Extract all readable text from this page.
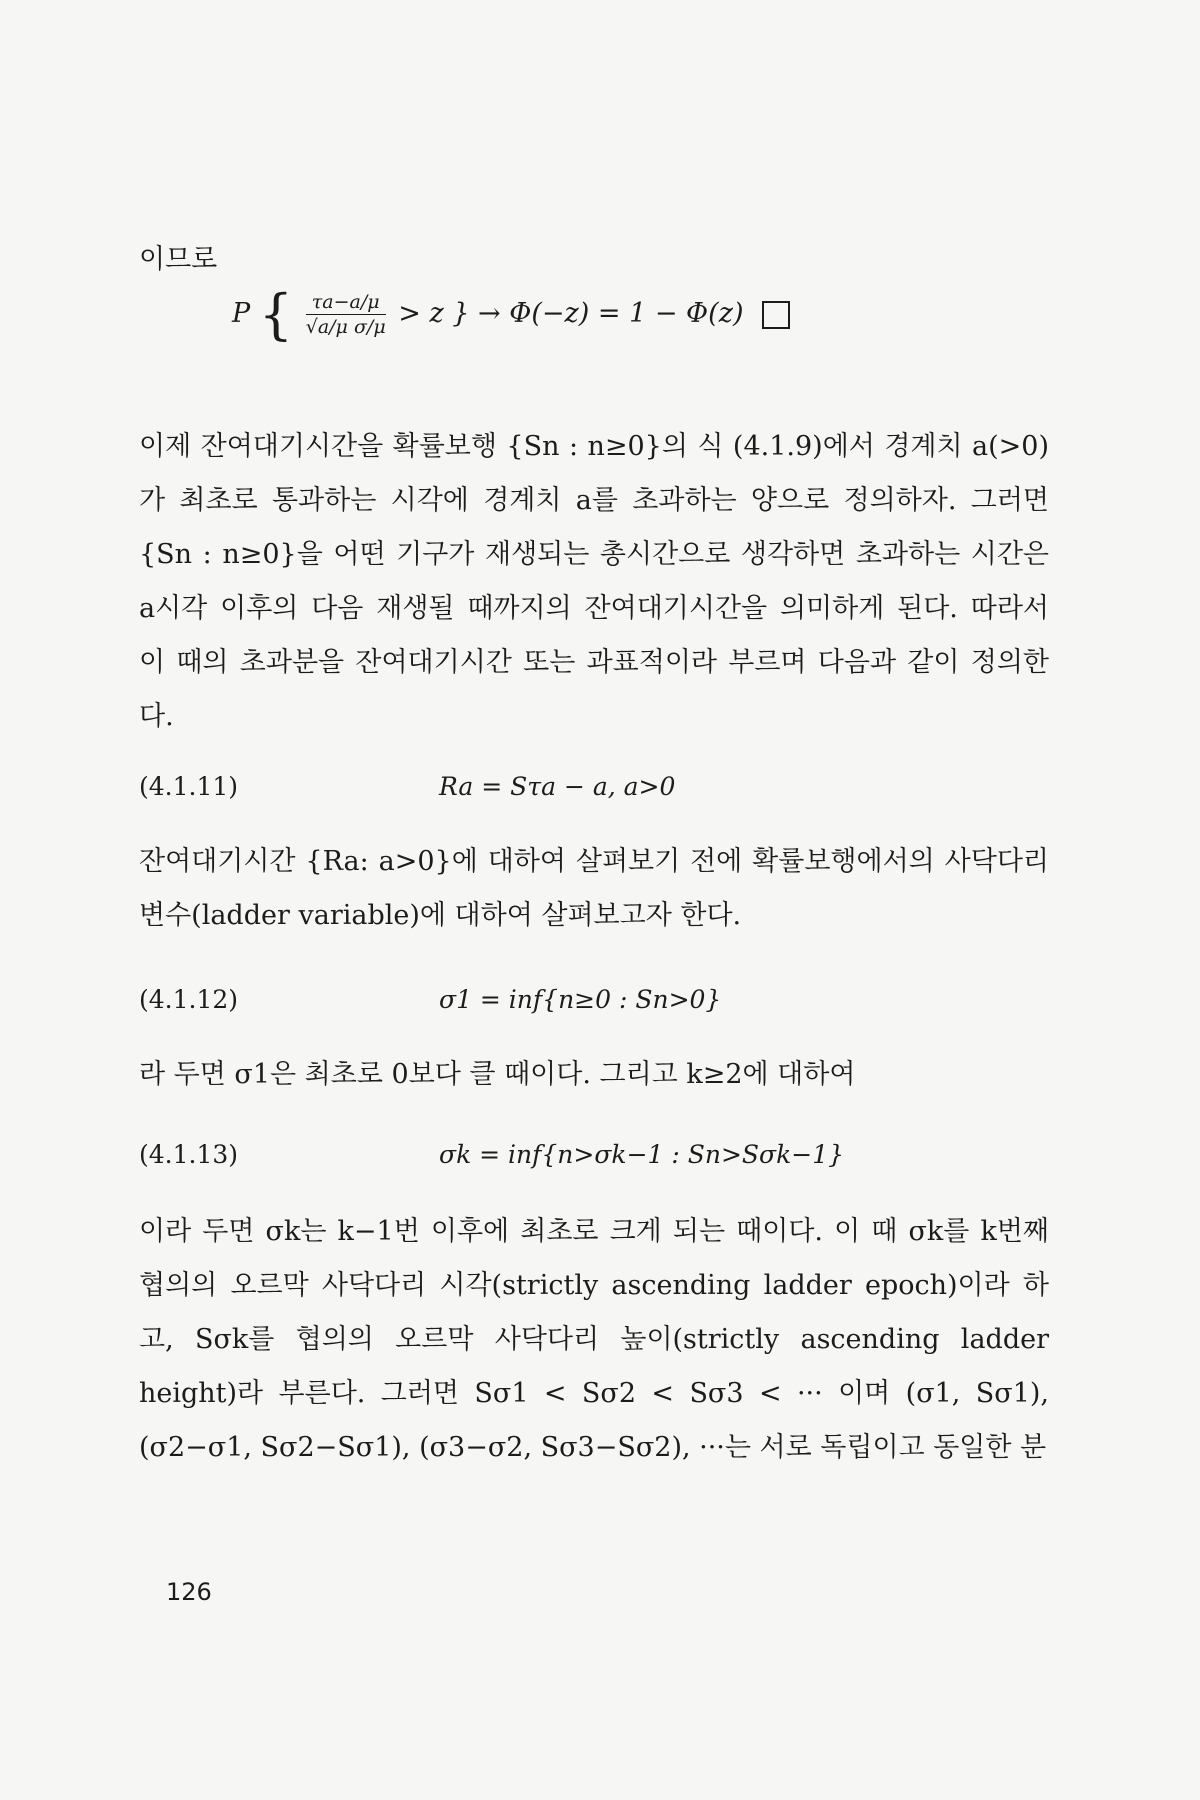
이므로
P { $\frac{\tau a-a/\mu}{\text{√a/μ σ/μ}} > z$ } → Φ(−z) = 1 − Φ(z)

이제 잔여대기시간을 확률보행 {Sn : n≥0}의 식 (4.1.9)에서 경계치 a(>0)가 최초로 통과하는 시각에 경계치 a를 초과하는 양으로 정의하자. 그러면 {Sn : n≥0}을 어떤 기구가 재생되는 총시간으로 생각하면 초과하는 시간은 a시각 이후의 다음 재생될 때까지의 잔여대기시간을 의미하게 된다. 따라서 이 때의 초과분을 잔여대기시간 또는 과표적이라 부르며 다음과 같이 정의한다.

(4.1.11)	Ra = Sτa − a, a>0

잔여대기시간 {Ra: a>0}에 대하여 살펴보기 전에 확률보행에서의 사닥다리 변수(ladder variable)에 대하여 살펴보고자 한다.

(4.1.12)	σ1 = inf{n≥0 : Sn>0}

라 두면 σ1은 최초로 0보다 클 때이다. 그리고 k≥2에 대하여

(4.1.13)	σk = inf{n>σk−1 : Sn>Sσk−1}

이라 두면 σk는 k−1번 이후에 최초로 크게 되는 때이다. 이 때 σk를 k번째 협의의 오르막 사닥다리 시각(strictly ascending ladder epoch)이라 하고, Sσk를 협의의 오르막 사닥다리 높이(strictly ascending ladder height)라 부른다. 그러면 Sσ1 < Sσ2 < Sσ3 < ··· 이며 (σ1, Sσ1), (σ2−σ1, Sσ2−Sσ1), (σ3−σ2, Sσ3−Sσ2), ···는 서로 독립이고 동일한 분

126
